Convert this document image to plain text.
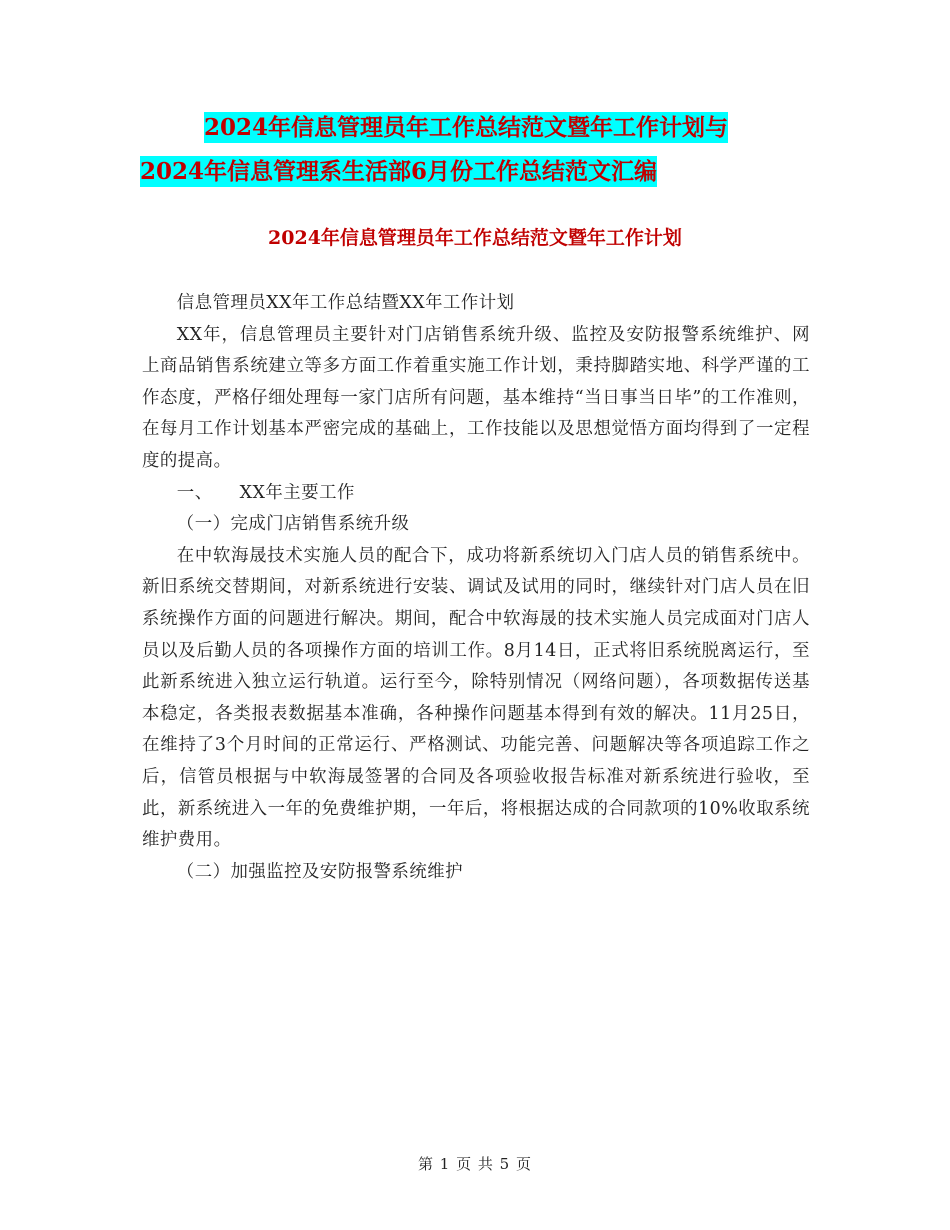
2024年信息管理员年工作总结范文暨年工作计划与
2024年信息管理系生活部6月份工作总结范文汇编
2024年信息管理员年工作总结范文暨年工作计划

信息管理员XX年工作总结暨XX年工作计划

XX年，信息管理员主要针对门店销售系统升级、监控及安防报警系统维护、网上商品销售系统建立等多方面工作着重实施工作计划，秉持脚踏实地、科学严谨的工作态度，严格仔细处理每一家门店所有问题，基本维持“当日事当日毕”的工作准则，在每月工作计划基本严密完成的基础上，工作技能以及思想觉悟方面均得到了一定程度的提高。

一、　　XX年主要工作

（一）完成门店销售系统升级

在中软海晟技术实施人员的配合下，成功将新系统切入门店人员的销售系统中。新旧系统交替期间，对新系统进行安装、调试及试用的同时，继续针对门店人员在旧系统操作方面的问题进行解决。期间，配合中软海晟的技术实施人员完成面对门店人员以及后勤人员的各项操作方面的培训工作。8月14日，正式将旧系统脱离运行，至此新系统进入独立运行轨道。运行至今，除特别情况（网络问题），各项数据传送基本稳定，各类报表数据基本准确，各种操作问题基本得到有效的解决。11月25日，在维持了3个月时间的正常运行、严格测试、功能完善、问题解决等各项追踪工作之后，信管员根据与中软海晟签署的合同及各项验收报告标准对新系统进行验收，至此，新系统进入一年的免费维护期，一年后，将根据达成的合同款项的10%收取系统维护费用。

（二）加强监控及安防报警系统维护

第 1 页 共 5 页
